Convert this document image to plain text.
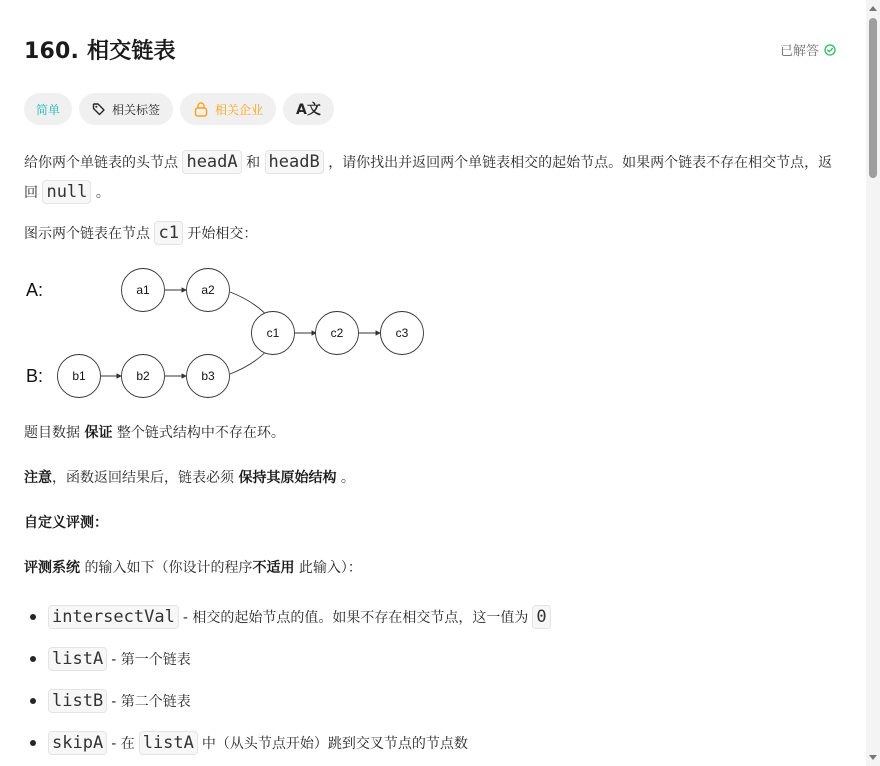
160. 相交链表	已解答
简单	相关标签	相关企业 A文

给你两个单链表的头节点 headA 和 headB ，请你找出并返回两个单链表相交的起始节点。如果两个链表不存在相交节点，返
回 null 。

图示两个链表在节点 c1 开始相交：

A:
B:
a1	a2
b1	b2	b3
c1	c2	c3

题目数据 保证 整个链式结构中不存在环。

注意，函数返回结果后，链表必须 保持其原始结构 。

自定义评测：

评测系统 的输入如下（你设计的程序不适用 此输入）：

intersectVal - 相交的起始节点的值。如果不存在相交节点，这一值为 0
listA - 第一个链表
listB - 第二个链表
skipA - 在 listA 中（从头节点开始）跳到交叉节点的节点数
